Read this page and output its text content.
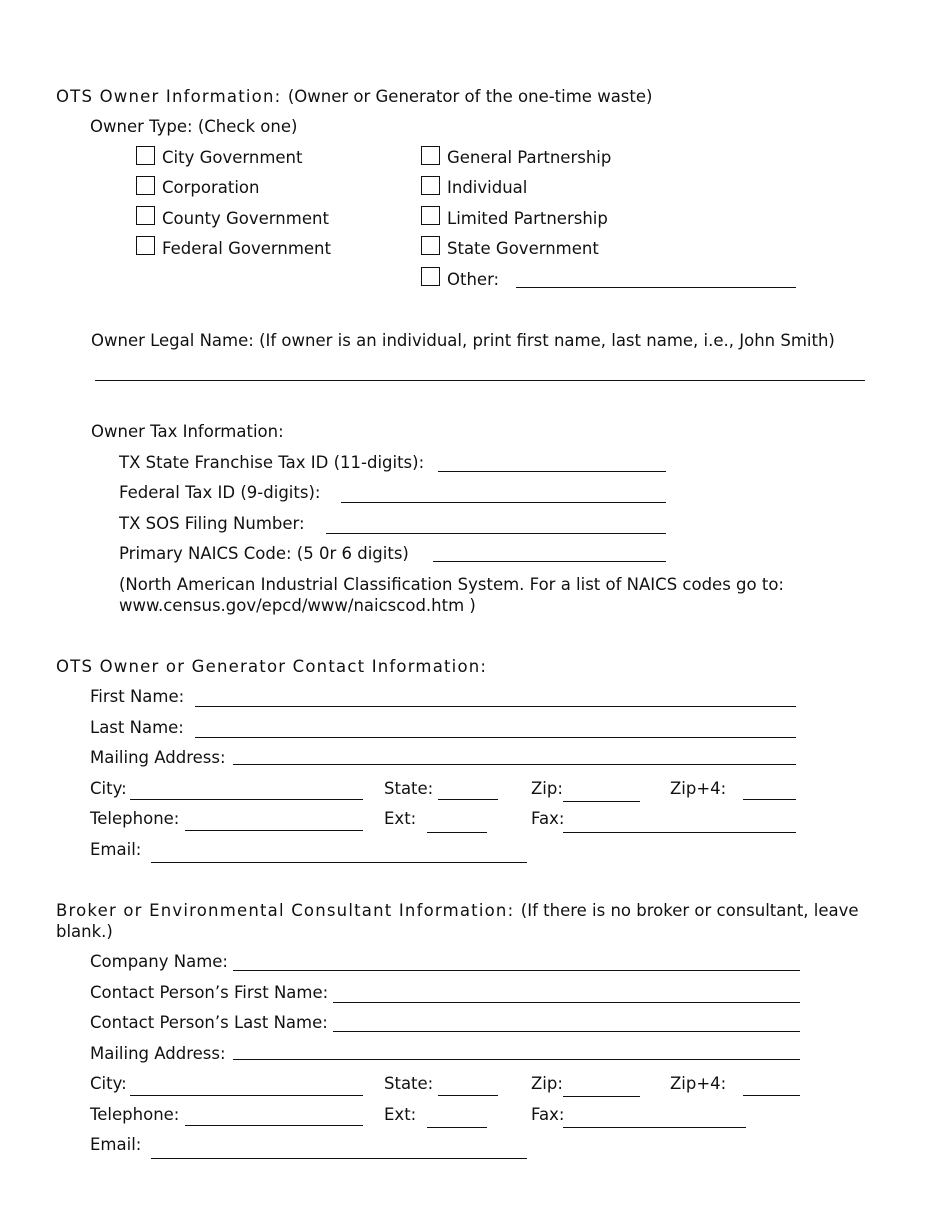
OTS Owner Information: (Owner or Generator of the one-time waste)
Owner Type: (Check one)
City Government
Corporation
County Government
Federal Government
General Partnership
Individual
Limited Partnership
State Government
Other:
Owner Legal Name: (If owner is an individual, print first name, last name, i.e., John Smith)
Owner Tax Information:
TX State Franchise Tax ID (11-digits):
Federal Tax ID (9-digits):
TX SOS Filing Number:
Primary NAICS Code: (5 0r 6 digits)
(North American Industrial Classification System. For a list of NAICS codes go to:
www.census.gov/epcd/www/naicscod.htm )
OTS Owner or Generator Contact Information:
First Name:
Last Name:
Mailing Address:
City:	State:	Zip:	Zip+4:
Telephone:	Ext:	Fax:
Email:
Broker or Environmental Consultant Information: (If there is no broker or consultant, leave
blank.)
Company Name:
Contact Person’s First Name:
Contact Person’s Last Name:
Mailing Address:
City:	State:	Zip:	Zip+4:
Telephone:	Ext:	Fax:
Email:
